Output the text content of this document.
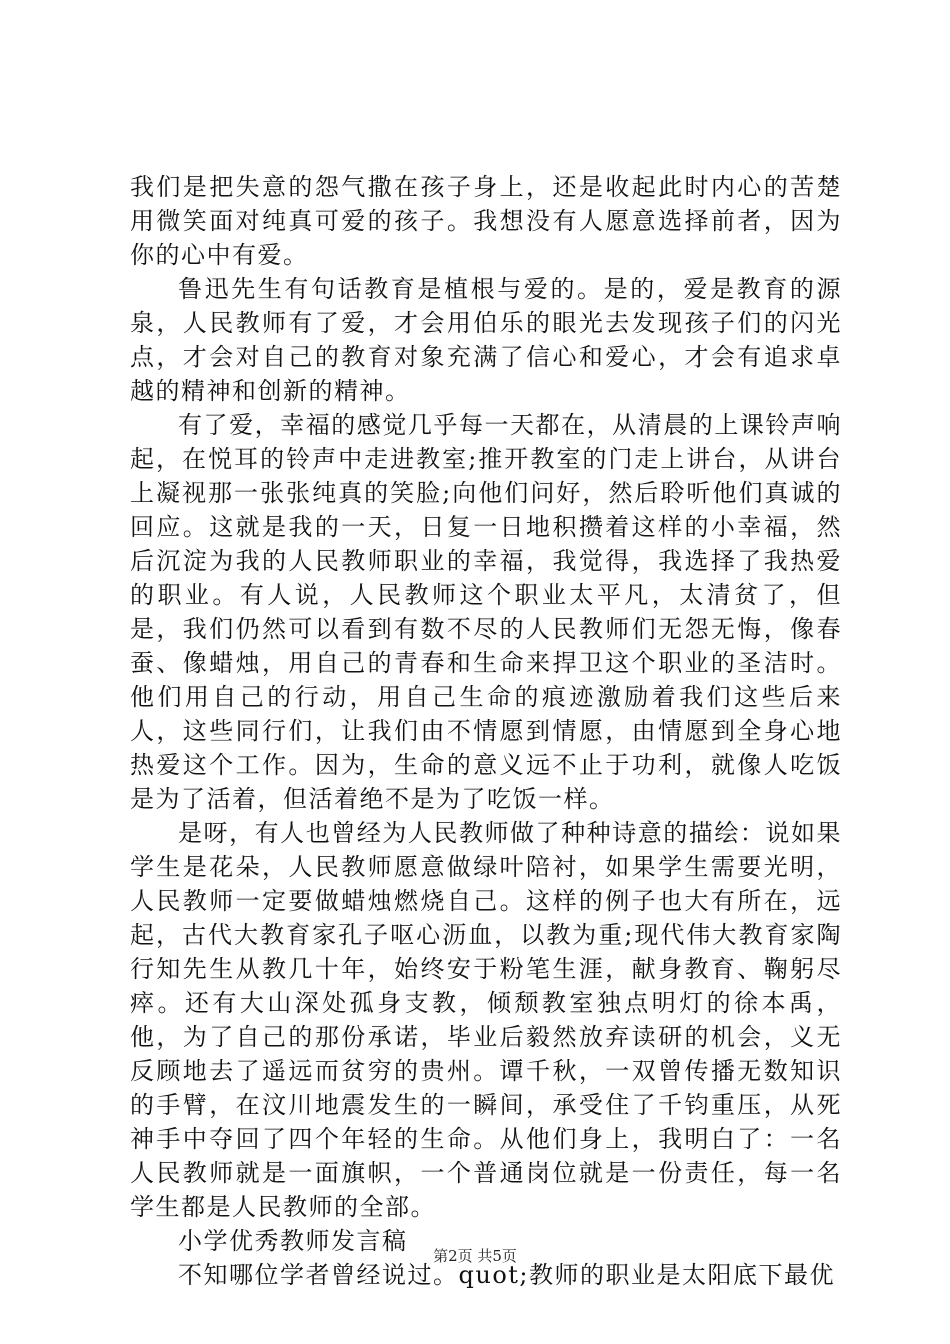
我们是把失意的怨气撒在孩子身上，还是收起此时内心的苦楚用微笑面对纯真可爱的孩子。我想没有人愿意选择前者，因为你的心中有爱。

鲁迅先生有句话教育是植根与爱的。是的，爱是教育的源泉，人民教师有了爱，才会用伯乐的眼光去发现孩子们的闪光点，才会对自己的教育对象充满了信心和爱心，才会有追求卓越的精神和创新的精神。

有了爱，幸福的感觉几乎每一天都在，从清晨的上课铃声响起，在悦耳的铃声中走进教室;推开教室的门走上讲台，从讲台上凝视那一张张纯真的笑脸;向他们问好，然后聆听他们真诚的回应。这就是我的一天，日复一日地积攒着这样的小幸福，然后沉淀为我的人民教师职业的幸福，我觉得，我选择了我热爱的职业。有人说，人民教师这个职业太平凡，太清贫了，但是，我们仍然可以看到有数不尽的人民教师们无怨无悔，像春蚕、像蜡烛，用自己的青春和生命来捍卫这个职业的圣洁时。他们用自己的行动，用自己生命的痕迹激励着我们这些后来人，这些同行们，让我们由不情愿到情愿，由情愿到全身心地热爱这个工作。因为，生命的意义远不止于功利，就像人吃饭是为了活着，但活着绝不是为了吃饭一样。

是呀，有人也曾经为人民教师做了种种诗意的描绘：说如果学生是花朵，人民教师愿意做绿叶陪衬，如果学生需要光明，人民教师一定要做蜡烛燃烧自己。这样的例子也大有所在，远起，古代大教育家孔子呕心沥血，以教为重;现代伟大教育家陶行知先生从教几十年，始终安于粉笔生涯，献身教育、鞠躬尽瘁。还有大山深处孤身支教，倾颓教室独点明灯的徐本禹，他，为了自己的那份承诺，毕业后毅然放弃读研的机会，义无反顾地去了遥远而贫穷的贵州。谭千秋，一双曾传播无数知识的手臂，在汶川地震发生的一瞬间，承受住了千钧重压，从死神手中夺回了四个年轻的生命。从他们身上，我明白了：一名人民教师就是一面旗帜，一个普通岗位就是一份责任，每一名学生都是人民教师的全部。

小学优秀教师发言稿

不知哪位学者曾经说过。quot;教师的职业是太阳底下最优

第2页 共5页
